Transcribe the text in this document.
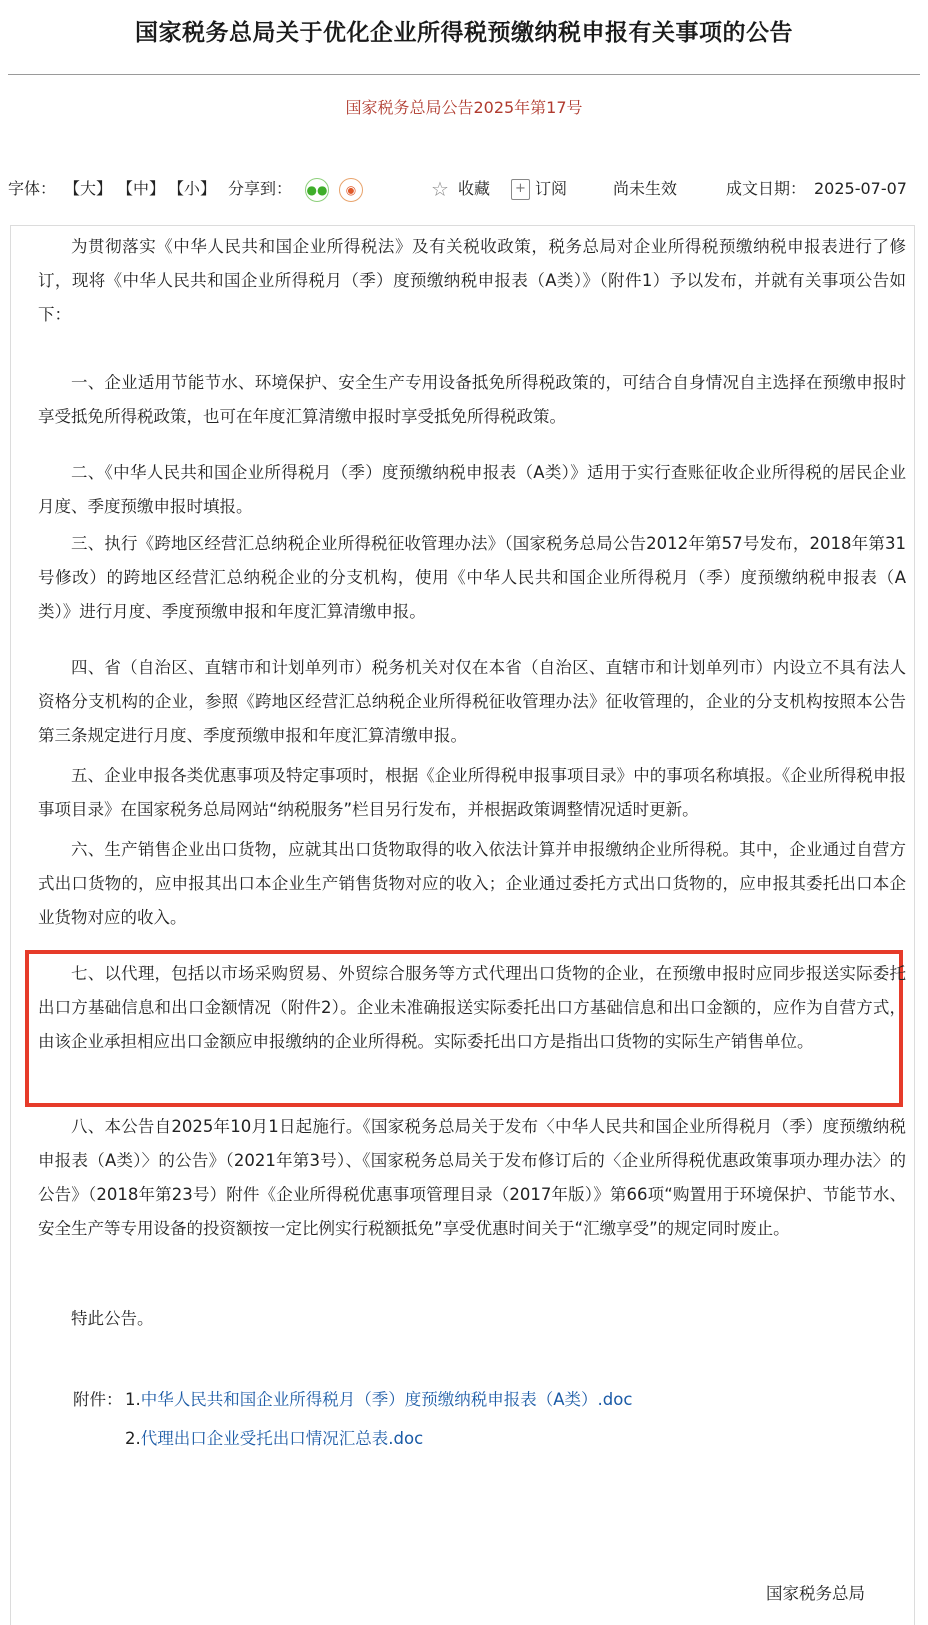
国家税务总局关于优化企业所得税预缴纳税申报有关事项的公告
国家税务总局公告2025年第17号
字体： 【大】 【中】 【小】 分享到： ●●	◉	☆ 收藏	+ 订阅	尚未生效	成文日期： 2025-07-07
为贯彻落实《中华人民共和国企业所得税法》及有关税收政策，税务总局对企业所得税预缴纳税申报表进行了修订，现将《中华人民共和国企业所得税月（季）度预缴纳税申报表（A类）》（附件1）予以发布，并就有关事项公告如下：
一、企业适用节能节水、环境保护、安全生产专用设备抵免所得税政策的，可结合自身情况自主选择在预缴申报时享受抵免所得税政策，也可在年度汇算清缴申报时享受抵免所得税政策。
二、《中华人民共和国企业所得税月（季）度预缴纳税申报表（A类）》适用于实行查账征收企业所得税的居民企业月度、季度预缴申报时填报。
三、执行《跨地区经营汇总纳税企业所得税征收管理办法》（国家税务总局公告2012年第57号发布，2018年第31号修改）的跨地区经营汇总纳税企业的分支机构，使用《中华人民共和国企业所得税月（季）度预缴纳税申报表（A类）》进行月度、季度预缴申报和年度汇算清缴申报。
四、省（自治区、直辖市和计划单列市）税务机关对仅在本省（自治区、直辖市和计划单列市）内设立不具有法人资格分支机构的企业，参照《跨地区经营汇总纳税企业所得税征收管理办法》征收管理的，企业的分支机构按照本公告第三条规定进行月度、季度预缴申报和年度汇算清缴申报。
五、企业申报各类优惠事项及特定事项时，根据《企业所得税申报事项目录》中的事项名称填报。《企业所得税申报事项目录》在国家税务总局网站“纳税服务”栏目另行发布，并根据政策调整情况适时更新。
六、生产销售企业出口货物，应就其出口货物取得的收入依法计算并申报缴纳企业所得税。其中，企业通过自营方式出口货物的，应申报其出口本企业生产销售货物对应的收入；企业通过委托方式出口货物的，应申报其委托出口本企业货物对应的收入。
七、以代理，包括以市场采购贸易、外贸综合服务等方式代理出口货物的企业，在预缴申报时应同步报送实际委托出口方基础信息和出口金额情况（附件2）。企业未准确报送实际委托出口方基础信息和出口金额的，应作为自营方式，由该企业承担相应出口金额应申报缴纳的企业所得税。实际委托出口方是指出口货物的实际生产销售单位。
八、本公告自2025年10月1日起施行。《国家税务总局关于发布〈中华人民共和国企业所得税月（季）度预缴纳税申报表（A类）〉的公告》（2021年第3号）、《国家税务总局关于发布修订后的〈企业所得税优惠政策事项办理办法〉的公告》（2018年第23号）附件《企业所得税优惠事项管理目录（2017年版）》第66项“购置用于环境保护、节能节水、安全生产等专用设备的投资额按一定比例实行税额抵免”享受优惠时间关于“汇缴享受”的规定同时废止。
特此公告。
附件： 1.中华人民共和国企业所得税月（季）度预缴纳税申报表（A类）.doc
2.代理出口企业受托出口情况汇总表.doc
国家税务总局
